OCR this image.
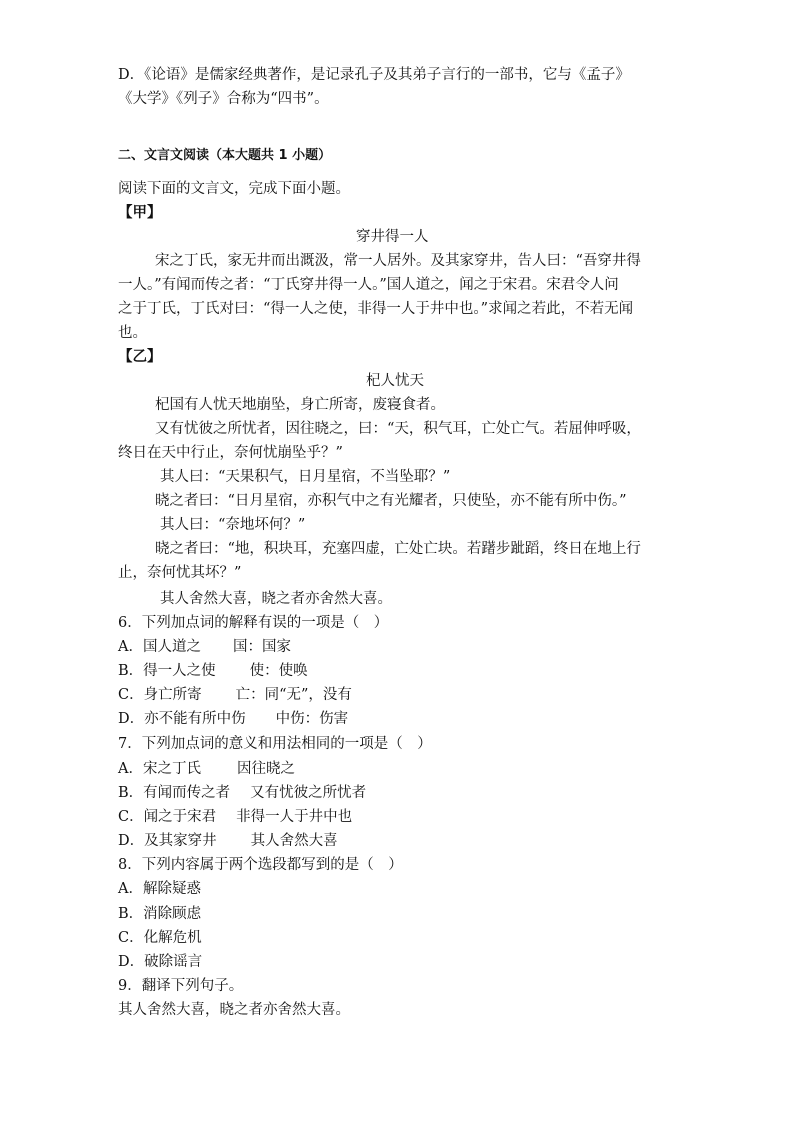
D．《论语》是儒家经典著作，是记录孔子及其弟子言行的一部书，它与《孟子》
《大学》《列子》合称为“四书”。
二、文言文阅读（本大题共 1 小题）
阅读下面的文言文，完成下面小题。
【甲】
穿井得一人
宋之丁氏，家无井而出溉汲，常一人居外。及其家穿井，告人曰：“吾穿井得
一人。”有闻而传之者：“丁氏穿井得一人。”国人道之，闻之于宋君。宋君令人问
之于丁氏，丁氏对曰：“得一人之使，非得一人于井中也。”求闻之若此，不若无闻
也。
【乙】
杞人忧天
杞国有人忧天地崩坠，身亡所寄，废寝食者。
又有忧彼之所忧者，因往晓之，曰：“天，积气耳，亡处亡气。若屈伸呼吸，
终日在天中行止，奈何忧崩坠乎？”
其人曰：“天果积气，日月星宿，不当坠耶？”
晓之者曰：“日月星宿，亦积气中之有光耀者，只使坠，亦不能有所中伤。”
其人曰：“奈地坏何？”
晓之者曰：“地，积块耳，充塞四虚，亡处亡块。若躇步跐蹈，终日在地上行
止，奈何忧其坏？”
其人舍然大喜，晓之者亦舍然大喜。
6．下列加点词的解释有误的一项是（　）
A．国人道之 国：国家
B．得一人之使 使：使唤
C．身亡所寄 亡：同“无”，没有
D．亦不能有所中伤 中伤：伤害
7．下列加点词的意义和用法相同的一项是（　）
A．宋之丁氏 因往晓之
B．有闻而传之者 又有忧彼之所忧者
C．闻之于宋君 非得一人于井中也
D．及其家穿井 其人舍然大喜
8．下列内容属于两个选段都写到的是（　）
A．解除疑惑
B．消除顾虑
C．化解危机
D．破除谣言
9．翻译下列句子。
其人舍然大喜，晓之者亦舍然大喜。
